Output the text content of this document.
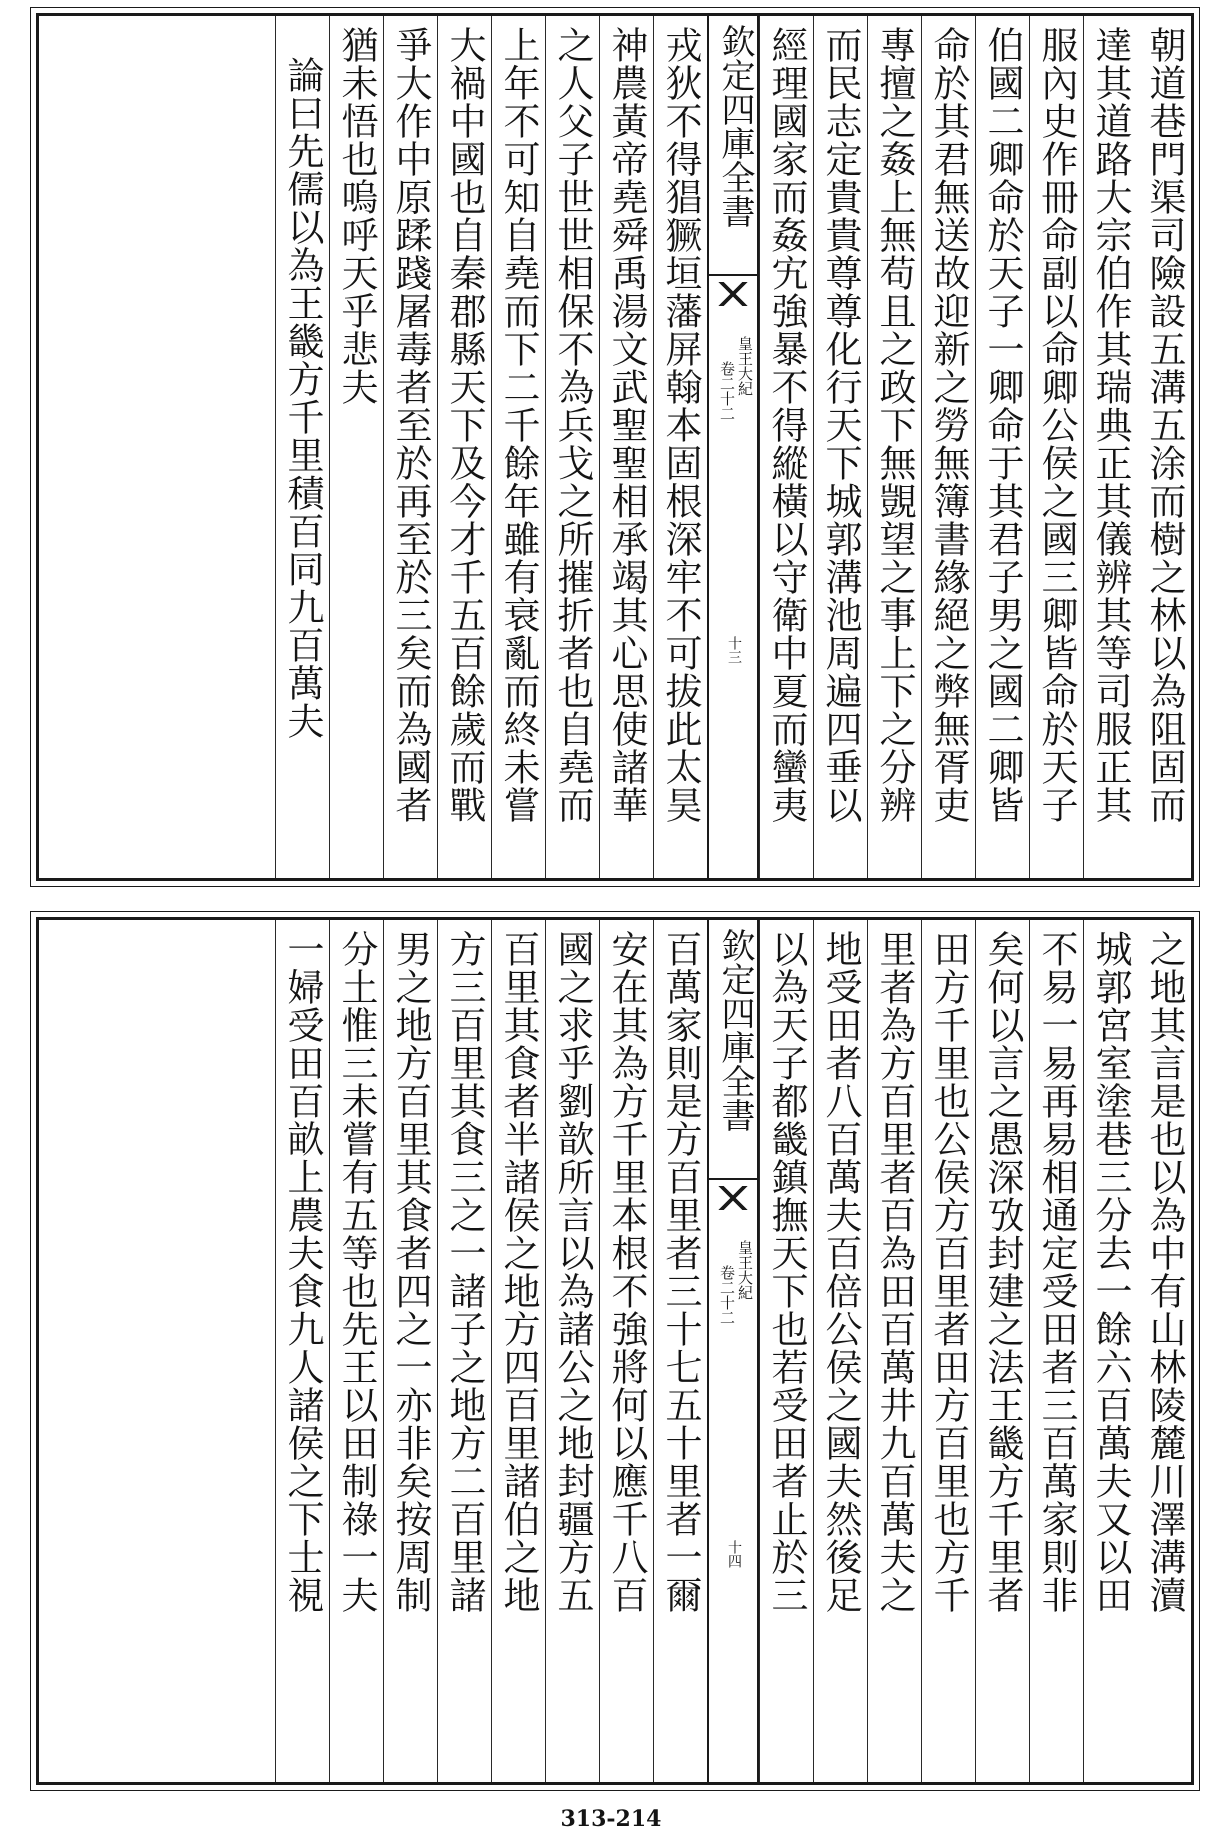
朝道巷門渠司險設五溝五涂而樹之林以為阻固而
達其道路大宗伯作其瑞典正其儀辨其等司服正其
服內史作冊命副以命卿公侯之國三卿皆命於天子
伯國二卿命於天子一卿命于其君子男之國二卿皆
命於其君無送故迎新之勞無簿書緣絕之弊無胥吏
專擅之姦上無苟且之政下無覬望之事上下之分辨
而民志定貴貴尊尊化行天下城郭溝池周遍四垂以
經理國家而姦宄強暴不得縱橫以守衛中夏而蠻夷
欽定四庫全書
皇王大紀
卷二十二
十三
戎狄不得猖獗垣藩屏翰本固根深牢不可拔此太昊
神農黃帝堯舜禹湯文武聖聖相承竭其心思使諸華
之人父子世世相保不為兵戈之所摧折者也自堯而
上年不可知自堯而下二千餘年雖有衰亂而終未嘗
大禍中國也自秦郡縣天下及今才千五百餘歲而戰
爭大作中原蹂踐屠毒者至於再至於三矣而為國者
猶未悟也嗚呼天乎悲夫
論曰先儒以為王畿方千里積百同九百萬夫
之地其言是也以為中有山林陵麓川澤溝瀆
城郭宮室塗巷三分去一餘六百萬夫又以田
不易一易再易相通定受田者三百萬家則非
矣何以言之愚深攷封建之法王畿方千里者
田方千里也公侯方百里者田方百里也方千
里者為方百里者百為田百萬井九百萬夫之
地受田者八百萬夫百倍公侯之國夫然後足
以為天子都畿鎮撫天下也若受田者止於三
欽定四庫全書
皇王大紀
卷二十二
十四
百萬家則是方百里者三十七五十里者一爾
安在其為方千里本根不強將何以應千八百
國之求乎劉歆所言以為諸公之地封疆方五
百里其食者半諸侯之地方四百里諸伯之地
方三百里其食三之一諸子之地方二百里諸
男之地方百里其食者四之一亦非矣按周制
分土惟三未嘗有五等也先王以田制祿一夫
一婦受田百畝上農夫食九人諸侯之下士視
313-214
